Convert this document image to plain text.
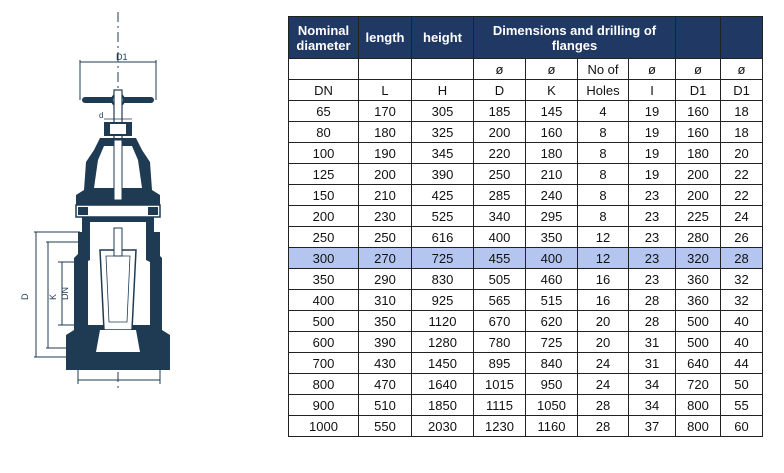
D1
d
D K DN
Nominal diameter	length	height	Dimensions and drilling of flanges					
			ø	ø	No of	ø	ø	ø
DN	L	H	D	K	Holes	I	D1	D1
65	170	305	185	145	4	19	160	18
80	180	325	200	160	8	19	160	18
100	190	345	220	180	8	19	180	20
125	200	390	250	210	8	19	200	22
150	210	425	285	240	8	23	200	22
200	230	525	340	295	8	23	225	24
250	250	616	400	350	12	23	280	26
300	270	725	455	400	12	23	320	28
350	290	830	505	460	16	23	360	32
400	310	925	565	515	16	28	360	32
500	350	1120	670	620	20	28	500	40
600	390	1280	780	725	20	31	500	40
700	430	1450	895	840	24	31	640	44
800	470	1640	1015	950	24	34	720	50
900	510	1850	1115	1050	28	34	800	55
1000	550	2030	1230	1160	28	37	800	60
